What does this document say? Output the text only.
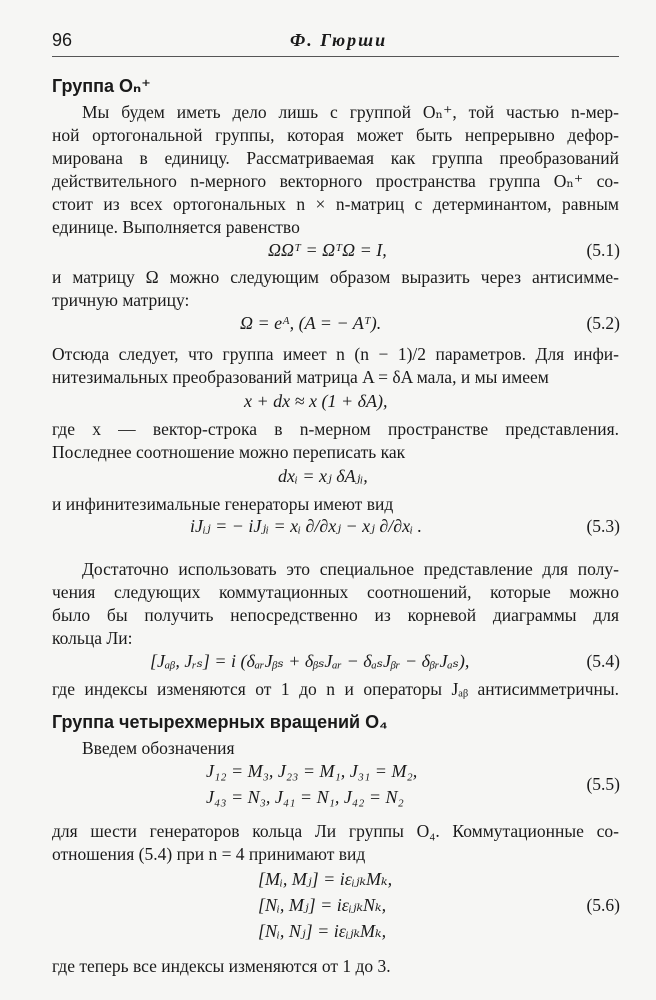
96	Ф. Гюрши
Группа Oₙ⁺
Мы будем иметь дело лишь с группой Oₙ⁺, той частью n-мер-
ной ортогональной группы, которая может быть непрерывно дефор-
мирована в единицу. Рассматриваемая как группа преобразований
действительного n-мерного векторного пространства группа Oₙ⁺ со-
стоит из всех ортогональных n × n-матриц с детерминантом, равным
единице. Выполняется равенство
ΩΩᵀ = ΩᵀΩ = I,	(5.1)
и матрицу Ω можно следующим образом выразить через антисимме-
тричную матрицу:
Ω = eᴬ, (A = − Aᵀ).	(5.2)
Отсюда следует, что группа имеет n (n − 1)/2 параметров. Для инфи-
нитезимальных преобразований матрица A = δA мала, и мы имеем
x + dx ≈ x (1 + δA),
где x — вектор-строка в n-мерном пространстве представления.
Последнее соотношение можно переписать как
dxᵢ = xⱼ δAⱼᵢ,
и инфинитезимальные генераторы имеют вид
iJᵢⱼ = − iJⱼᵢ = xᵢ ∂/∂xⱼ − xⱼ ∂/∂xᵢ .	(5.3)
Достаточно использовать это специальное представление для полу-
чения следующих коммутационных соотношений, которые можно
было бы получить непосредственно из корневой диаграммы для
кольца Ли:
[Jₐᵦ, Jᵣₛ] = i (δₐᵣJᵦₛ + δᵦₛJₐᵣ − δₐₛJᵦᵣ − δᵦᵣJₐₛ),	(5.4)
где индексы изменяются от 1 до n и операторы Jₐᵦ антисимметричны.
Группа четырехмерных вращений O₄
Введем обозначения
J₁₂ = M₃, J₂₃ = M₁, J₃₁ = M₂,
J₄₃ = N₃, J₄₁ = N₁, J₄₂ = N₂
(5.5)
для шести генераторов кольца Ли группы O₄. Коммутационные со-
отношения (5.4) при n = 4 принимают вид
[Mᵢ, Mⱼ] = iεᵢⱼₖMₖ,
[Nᵢ, Mⱼ] = iεᵢⱼₖNₖ,
[Nᵢ, Nⱼ] = iεᵢⱼₖMₖ,
(5.6)
где теперь все индексы изменяются от 1 до 3.
